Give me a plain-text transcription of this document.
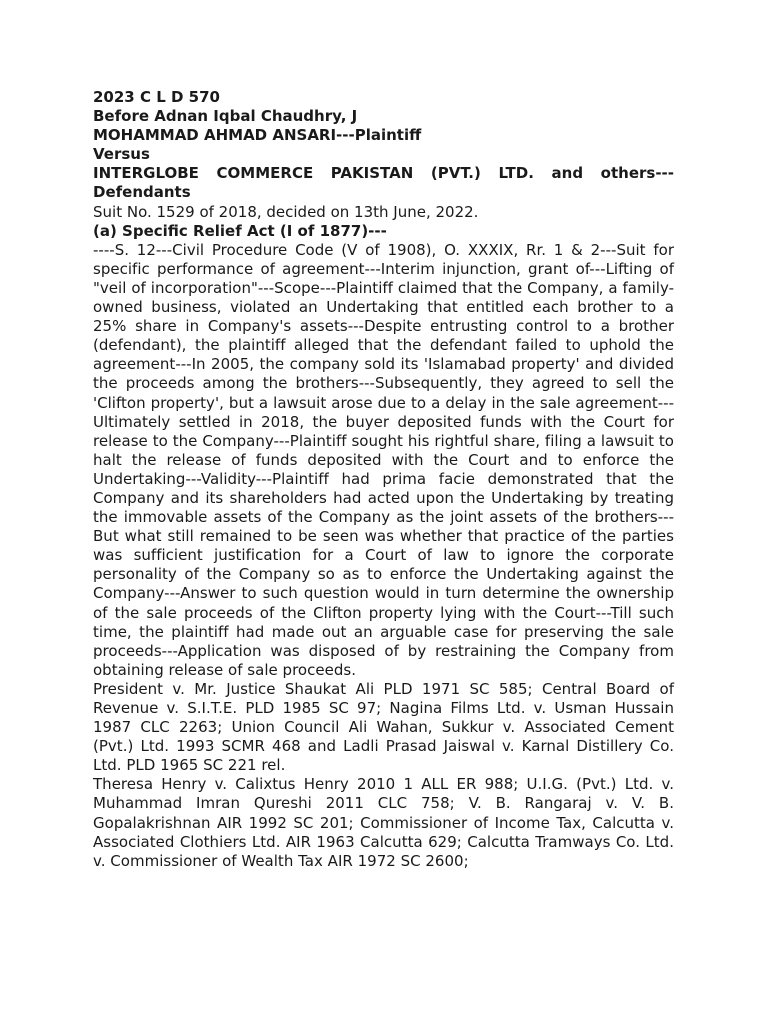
2023 C L D 570

Before Adnan Iqbal Chaudhry, J

MOHAMMAD AHMAD ANSARI---Plaintiff

Versus

INTERGLOBE COMMERCE PAKISTAN (PVT.) LTD. and others---Defendants

Suit No. 1529 of 2018, decided on 13th June, 2022.

(a) Specific Relief Act (I of 1877)---

----S. 12---Civil Procedure Code (V of 1908), O. XXXIX, Rr. 1 & 2---Suit for specific performance of agreement---Interim injunction, grant of---Lifting of "veil of incorporation"---Scope---Plaintiff claimed that the Company, a family-owned business, violated an Undertaking that entitled each brother to a 25% share in Company's assets---Despite entrusting control to a brother (defendant), the plaintiff alleged that the defendant failed to uphold the agreement---In 2005, the company sold its 'Islamabad property' and divided the proceeds among the brothers---Subsequently, they agreed to sell the 'Clifton property', but a lawsuit arose due to a delay in the sale agreement---Ultimately settled in 2018, the buyer deposited funds with the Court for release to the Company---Plaintiff sought his rightful share, filing a lawsuit to halt the release of funds deposited with the Court and to enforce the Undertaking---Validity---Plaintiff had prima facie demonstrated that the Company and its shareholders had acted upon the Undertaking by treating the immovable assets of the Company as the joint assets of the brothers---But what still remained to be seen was whether that practice of the parties was sufficient justification for a Court of law to ignore the corporate personality of the Company so as to enforce the Undertaking against the Company---Answer to such question would in turn determine the ownership of the sale proceeds of the Clifton property lying with the Court---Till such time, the plaintiff had made out an arguable case for preserving the sale proceeds---Application was disposed of by restraining the Company from obtaining release of sale proceeds.

President v. Mr. Justice Shaukat Ali PLD 1971 SC 585; Central Board of Revenue v. S.I.T.E. PLD 1985 SC 97; Nagina Films Ltd. v. Usman Hussain 1987 CLC 2263; Union Council Ali Wahan, Sukkur v. Associated Cement (Pvt.) Ltd. 1993 SCMR 468 and Ladli Prasad Jaiswal v. Karnal Distillery Co. Ltd. PLD 1965 SC 221 rel.

Theresa Henry v. Calixtus Henry 2010 1 ALL ER 988; U.I.G. (Pvt.) Ltd. v. Muhammad Imran Qureshi 2011 CLC 758; V. B. Rangaraj v. V. B. Gopalakrishnan AIR 1992 SC 201; Commissioner of Income Tax, Calcutta v. Associated Clothiers Ltd. AIR 1963 Calcutta 629; Calcutta Tramways Co. Ltd. v. Commissioner of Wealth Tax AIR 1972 SC 2600;
